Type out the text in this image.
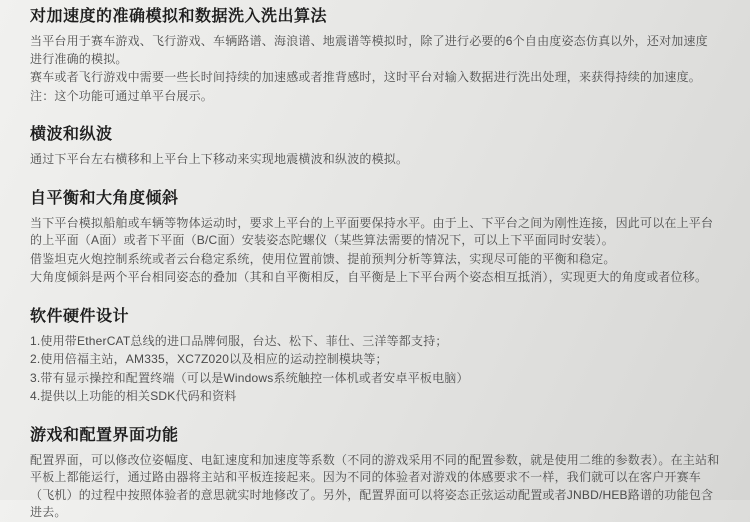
对加速度的准确模拟和数据洗入洗出算法

当平台用于赛车游戏、飞行游戏、车辆路谱、海浪谱、地震谱等模拟时，除了进行必要的6个自由度姿态仿真以外，还对加速度进行准确的模拟。

赛车或者飞行游戏中需要一些长时间持续的加速感或者推背感时，这时平台对输入数据进行洗出处理，来获得持续的加速度。

注：这个功能可通过单平台展示。

横波和纵波

通过下平台左右横移和上平台上下移动来实现地震横波和纵波的模拟。

自平衡和大角度倾斜

当下平台模拟船舶或车辆等物体运动时，要求上平台的上平面要保持水平。由于上、下平台之间为刚性连接，因此可以在上平台的上平面（A面）或者下平面（B/C面）安装姿态陀螺仪（某些算法需要的情况下，可以上下平面同时安装）。

借鉴坦克火炮控制系统或者云台稳定系统，使用位置前馈、提前预判分析等算法，实现尽可能的平衡和稳定。

大角度倾斜是两个平台相同姿态的叠加（其和自平衡相反，自平衡是上下平台两个姿态相互抵消），实现更大的角度或者位移。

软件硬件设计

1.使用带EtherCAT总线的进口品牌伺服，台达、松下、菲仕、三洋等都支持；

2.使用倍福主站，AM335，XC7Z020以及相应的运动控制模块等；

3.带有显示操控和配置终端（可以是Windows系统触控一体机或者安卓平板电脑）

4.提供以上功能的相关SDK代码和资料

游戏和配置界面功能

配置界面，可以修改位姿幅度、电缸速度和加速度等系数（不同的游戏采用不同的配置参数，就是使用二维的参数表）。在主站和平板上都能运行，通过路由器将主站和平板连接起来。因为不同的体验者对游戏的体感要求不一样，我们就可以在客户开赛车（飞机）的过程中按照体验者的意思就实时地修改了。另外，配置界面可以将姿态正弦运动配置或者JNBD/HEB路谱的功能包含进去。
